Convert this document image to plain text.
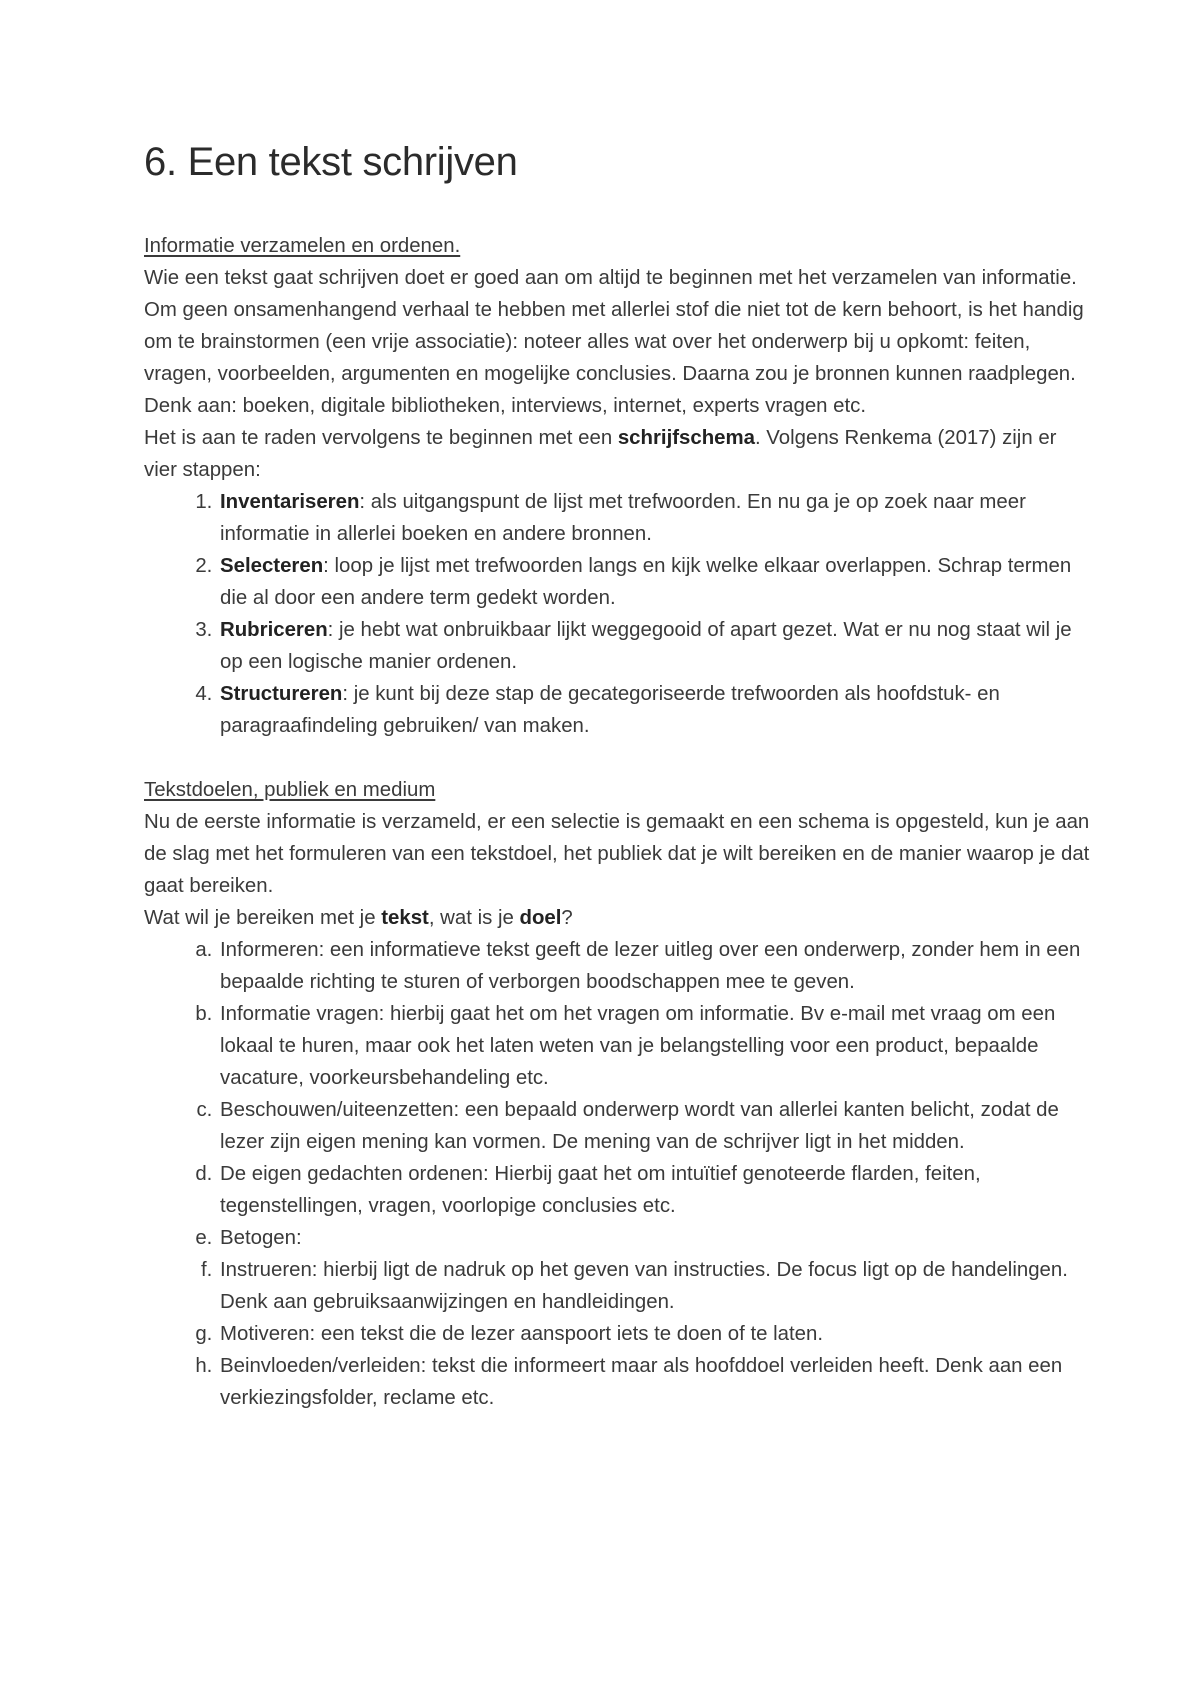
6. Een tekst schrijven
Informatie verzamelen en ordenen.

Wie een tekst gaat schrijven doet er goed aan om altijd te beginnen met het verzamelen van informatie. Om geen onsamenhangend verhaal te hebben met allerlei stof die niet tot de kern behoort, is het handig om te brainstormen (een vrije associatie): noteer alles wat over het onderwerp bij u opkomt: feiten, vragen, voorbeelden, argumenten en mogelijke conclusies. Daarna zou je bronnen kunnen raadplegen. Denk aan: boeken, digitale bibliotheken, interviews, internet, experts vragen etc.

Het is aan te raden vervolgens te beginnen met een schrijfschema. Volgens Renkema (2017) zijn er vier stappen:

1. Inventariseren: als uitgangspunt de lijst met trefwoorden. En nu ga je op zoek naar meer informatie in allerlei boeken en andere bronnen.
2. Selecteren: loop je lijst met trefwoorden langs en kijk welke elkaar overlappen. Schrap termen die al door een andere term gedekt worden.
3. Rubriceren: je hebt wat onbruikbaar lijkt weggegooid of apart gezet. Wat er nu nog staat wil je op een logische manier ordenen.
4. Structureren: je kunt bij deze stap de gecategoriseerde trefwoorden als hoofdstuk- en paragraafindeling gebruiken/ van maken.
Tekstdoelen, publiek en medium

Nu de eerste informatie is verzameld, er een selectie is gemaakt en een schema is opgesteld, kun je aan de slag met het formuleren van een tekstdoel, het publiek dat je wilt bereiken en de manier waarop je dat gaat bereiken.

Wat wil je bereiken met je tekst, wat is je doel?

a. Informeren: een informatieve tekst geeft de lezer uitleg over een onderwerp, zonder hem in een bepaalde richting te sturen of verborgen boodschappen mee te geven.
b. Informatie vragen: hierbij gaat het om het vragen om informatie. Bv e-mail met vraag om een lokaal te huren, maar ook het laten weten van je belangstelling voor een product, bepaalde vacature, voorkeursbehandeling etc.
c. Beschouwen/uiteenzetten: een bepaald onderwerp wordt van allerlei kanten belicht, zodat de lezer zijn eigen mening kan vormen. De mening van de schrijver ligt in het midden.
d. De eigen gedachten ordenen: Hierbij gaat het om intuïtief genoteerde flarden, feiten, tegenstellingen, vragen, voorlopige conclusies etc.
e. Betogen:
f. Instrueren: hierbij ligt de nadruk op het geven van instructies. De focus ligt op de handelingen. Denk aan gebruiksaanwijzingen en handleidingen.
g. Motiveren: een tekst die de lezer aanspoort iets te doen of te laten.
h. Beinvloeden/verleiden: tekst die informeert maar als hoofddoel verleiden heeft. Denk aan een verkiezingsfolder, reclame etc.
